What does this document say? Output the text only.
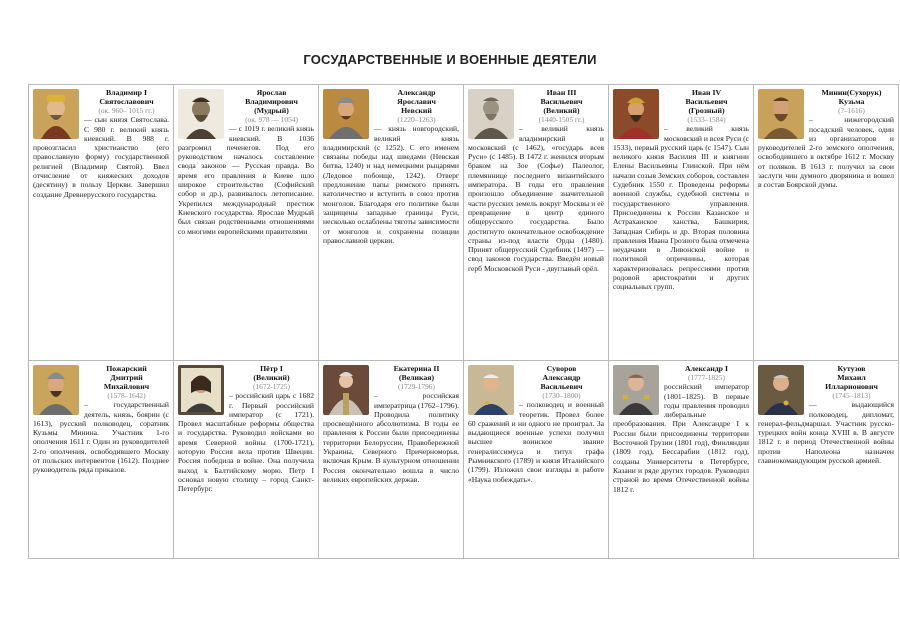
ГОСУДАРСТВЕННЫЕ И ВОЕННЫЕ ДЕЯТЕЛИ
Владимир I
Святославович
(ок. 960– 1015 гг.)
— сын князя Святослава. С 980 г. великий князь киевский. В 988 г. провозгласил христианство (его православную форму) государственной религией (Владимир Святой). Ввел отчисление от княжеских доходов (десятину) в пользу Церкви. Завершил создание Древнерусского государства.
Ярослав
Владимирович
(Мудрый)
(ок. 978 — 1054)
— с 1019 г. великий князь киевский. В 1036 разгромил печенегов. Под его руководством началось составление свода законов — Русская правда. Во время его правления в Киеве шло широкое строительство (Софийский собор и др.), развивалось летописание. Укрепился международный престиж Киевского государства. Ярослав Мудрый был связан родственными отношениями со многими европейскими правителями
Александр
Ярославич
Невский
(1220–1263)
— князь новгородский, великий князь владимирский (с 1252). С его именем связаны победы над шведами (Невская битва, 1240) и над немецкими рыцарями (Ледовое побоище, 1242). Отверг предложение папы римского принять католичество и вступить в союз против монголов. Благодаря его политике были защищены западные границы Руси, несколько ослаблены тяготы зависимости от монголов и сохранены позиции православной церкви.
Иван III
Васильевич
(Великий)
(1440-1505 гг.)
– великий князь владимирский и московский (с 1462), «государь всея Руси» (с 1485). В 1472 г. женился вторым браком на Зое (Софье) Палеолог, племяннице последнего византийского императора. В годы его правления произошло объединение значительной части русских земель вокруг Москвы и её превращение в центр единого общерусского государства. Было достигнуто окончательное освобождение страны из-под власти Орды (1480). Принят общерусский Судебник (1497) — свод законов государства. Введён новый герб Московской Руси - двуглавый орёл.
Иван IV
Васильевич
(Грозный)
(1533–1584)
– великий князь московский и всея Руси (с 1533), первый русский царь (с 1547). Сын великого князя Василия III и княгини Елены Васильевны Глинской. При нём начали созыв Земских соборов, составлен Судебник 1550 г. Проведены реформы военной службы, судебной системы и государственного управления. Присоединены к России Казанское и Астраханское ханства, Башкирия, Западная Сибирь и др. Вторая половина правления Ивана Грозного была отмечена неудачами в Ливонской войне и политикой опричнины, которая характеризовалась репрессиями против родовой аристократии и других социальных групп.
Минин(Сухорук)
Кузьма
(?–1616)
– нижегородский посадский человек, один из организаторов и руководителей 2-го земского ополчения, освободившего в октябре 1612 г. Москву от поляков. В 1613 г. получил за свои заслуги чин думного дворянина и вошел в состав Боярской думы.
Пожарский
Дмитрий
Михайлович
(1578–1642)
– государственный деятель, князь, боярин (с 1613), русский полководец, соратник Кузьмы Минина. Участник 1-го ополчения 1611 г. Один из руководителей 2-го ополчения, освободившего Москву от польских интервентов (1612). Позднее руководитель ряда приказов.
Пётр I
(Великий)
(1672-1725)
– российский царь с 1682 г. Первый российский император (с 1721). Провел масштабные реформы общества и государства. Руководил войсками во время Северной войны (1700-1721), которую Россия вела против Швеции. Россия победила в войне. Она получила выход к Балтийскому морю. Петр I основал новую столицу – город Санкт-Петербург.
Екатерина II
(Великая)
(1729-1796)
– российская императрица (1762–1796). Проводила политику просвещённого абсолютизма. В годы ее правления к России были присоединены территории Белоруссии, Правобережной Украины, Северного Причерноморья, включая Крым. В культурном отношении Россия окончательно вошла в число великих европейских держав.
Суворов
Александр
Васильевич
(1730–1800)
– полководец и военный теоретик. Провел более 60 сражений и ни одного не проиграл. За выдающиеся военные успехи получил высшее воинское звание генералиссимуса и титул графа Рымникского (1789) и князя Италийского (1799). Изложил свои взгляды в работе «Наука побеждать».
Александр I
(1777-1825)
российский император (1801–1825). В первые годы правления проводил либеральные преобразования. При Александре I к России были присоединены территории Восточной Грузии (1801 год), Финляндии (1809 год), Бессарабии (1812 год), созданы Университеты в Петербурге, Казани и ряде других городов. Руководил страной во время Отечественной войны 1812 г.
Кутузов
Михаил
Илларионович
(1745–1813)
— выдающийся полководец, дипломат, генерал-фельдмаршал. Участник русско-турецких войн конца XVIII в. В августе 1812 г. в период Отечественной войны против Наполеона назначен главнокомандующим русской армией.
